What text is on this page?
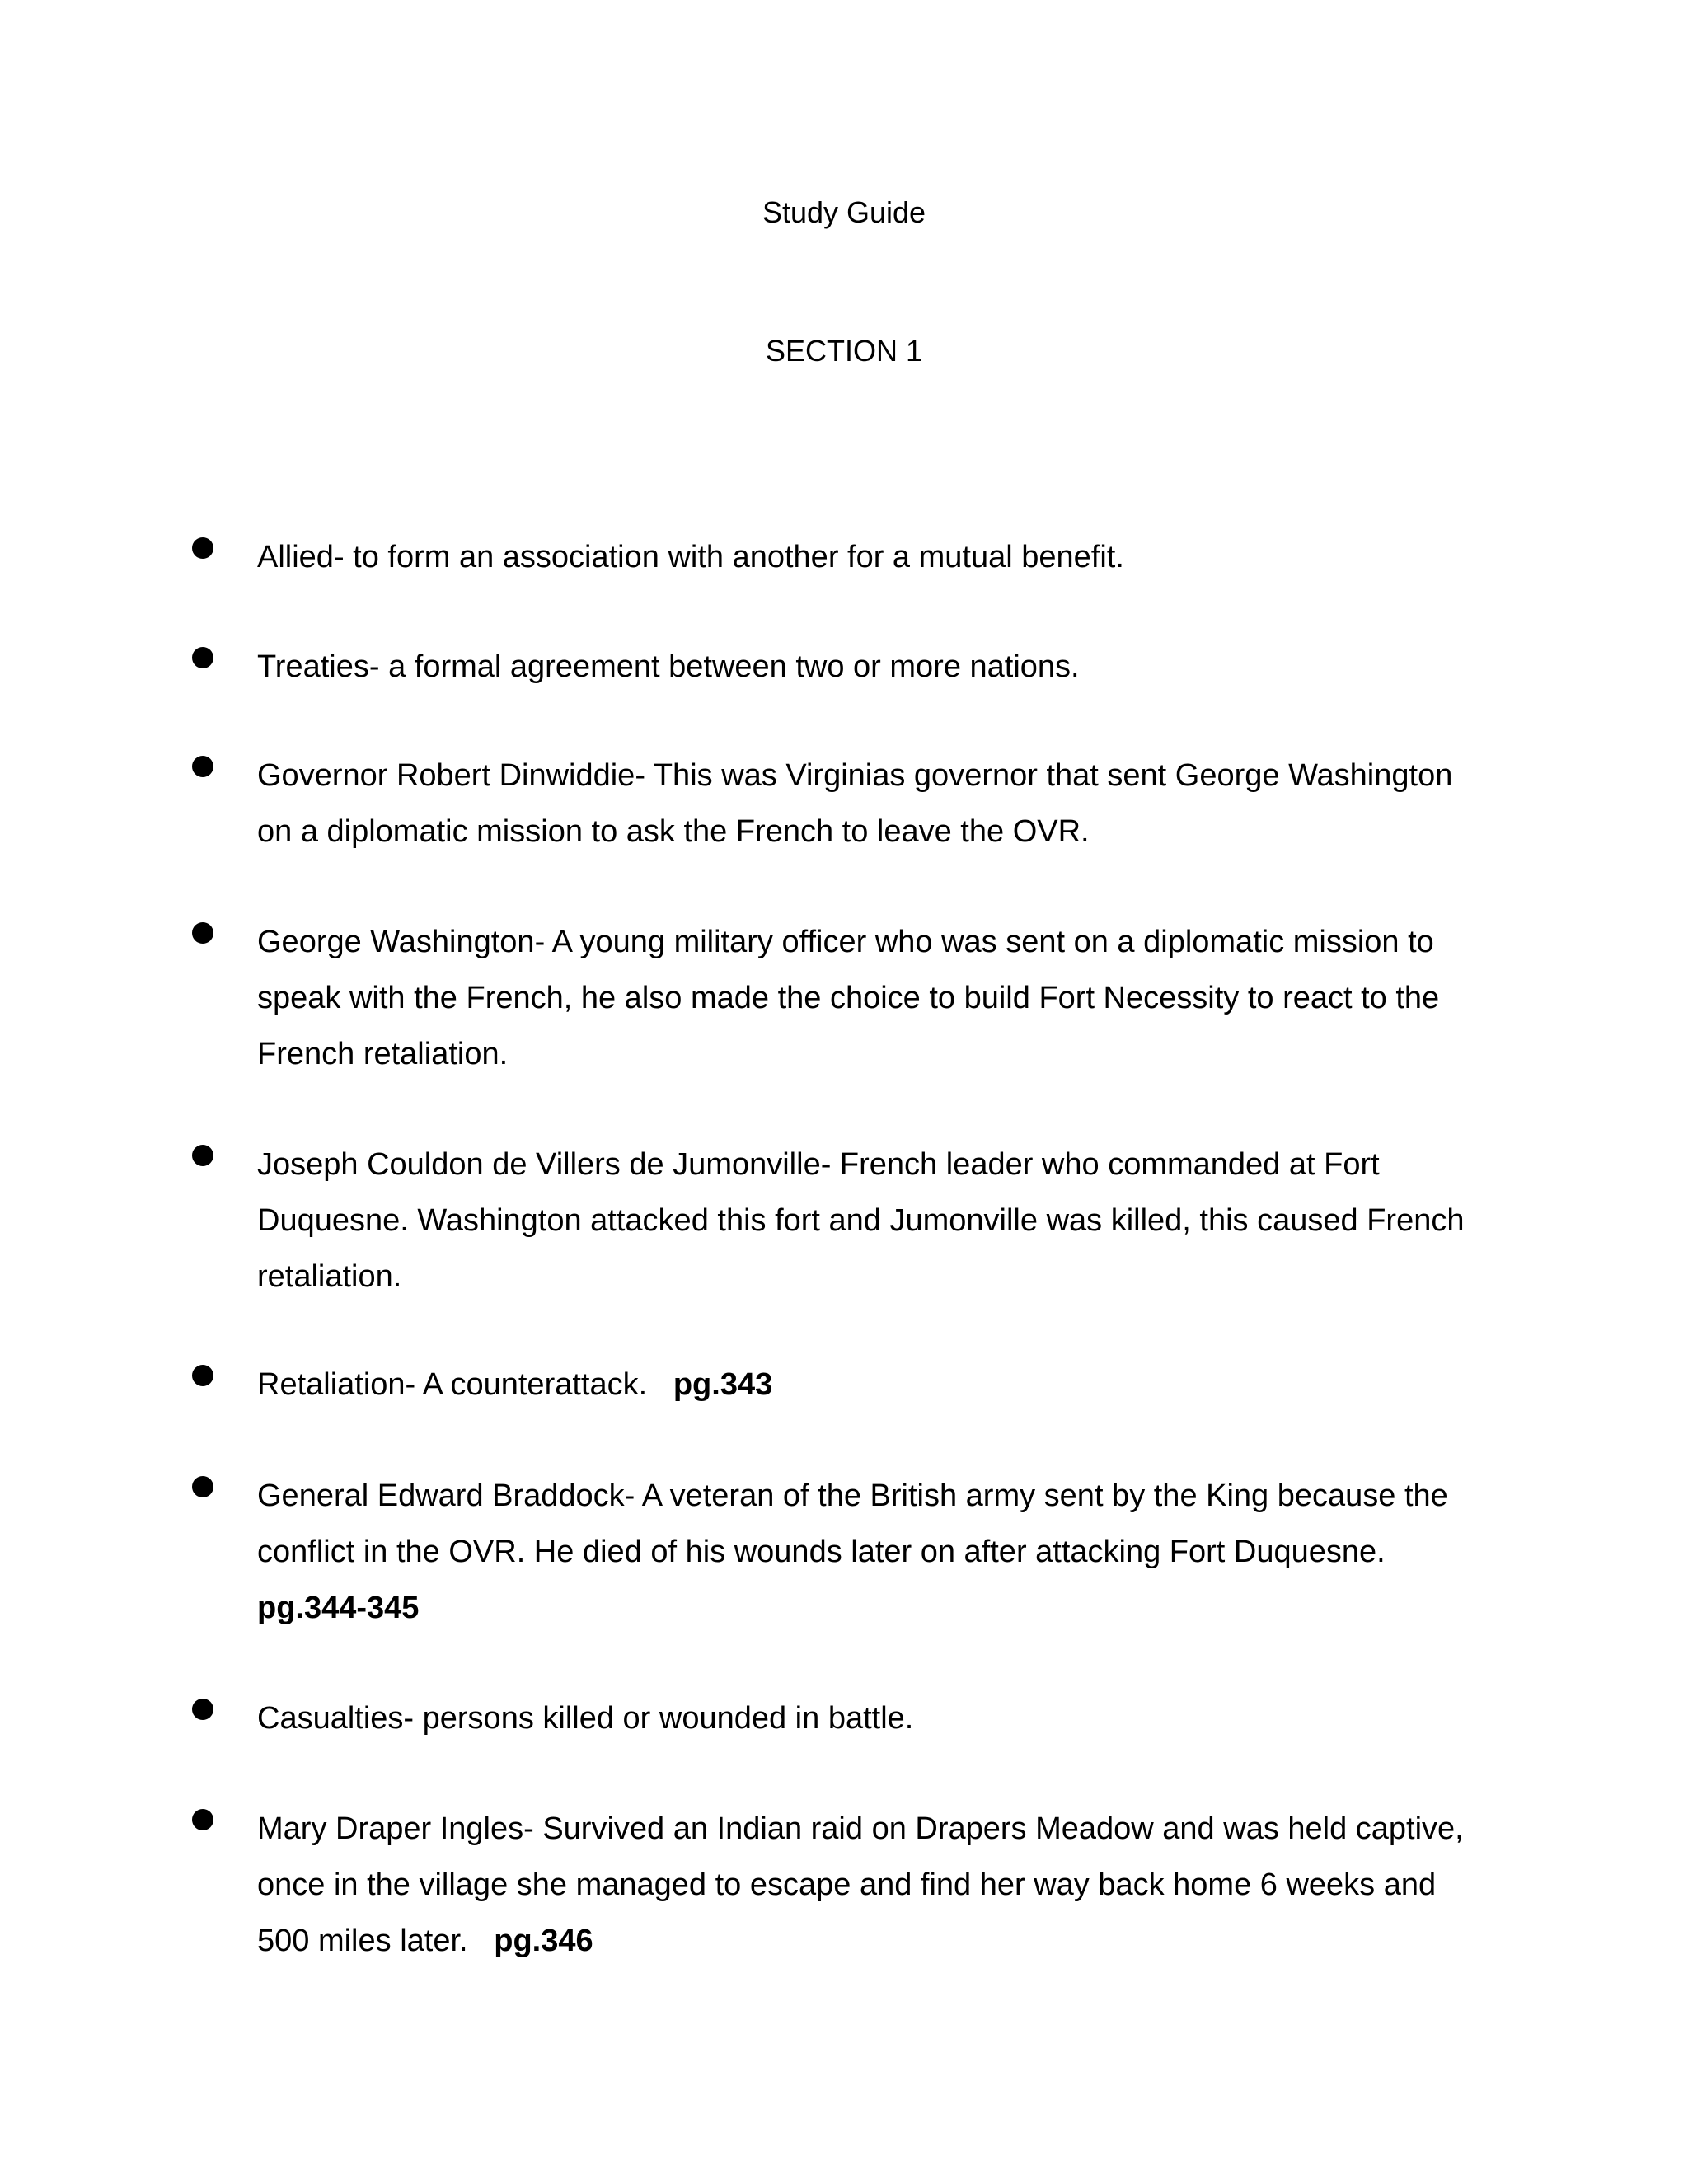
Study Guide
SECTION 1
Allied- to form an association with another for a mutual benefit.
Treaties- a formal agreement between two or more nations.
Governor Robert Dinwiddie- This was Virginias governor that sent George Washington on a diplomatic mission to ask the French to leave the OVR.
George Washington- A young military officer who was sent on a diplomatic mission to speak with the French, he also made the choice to build Fort Necessity to react to the French retaliation.
Joseph Couldon de Villers de Jumonville- French leader who commanded at Fort Duquesne. Washington attacked this fort and Jumonville was killed, this caused French retaliation.
Retaliation- A counterattack.   pg.343
General Edward Braddock- A veteran of the British army sent by the King because the conflict in the OVR. He died of his wounds later on after attacking Fort Duquesne.   pg.344-345
Casualties- persons killed or wounded in battle.
Mary Draper Ingles- Survived an Indian raid on Drapers Meadow and was held captive, once in the village she managed to escape and find her way back home 6 weeks and 500 miles later.   pg.346
